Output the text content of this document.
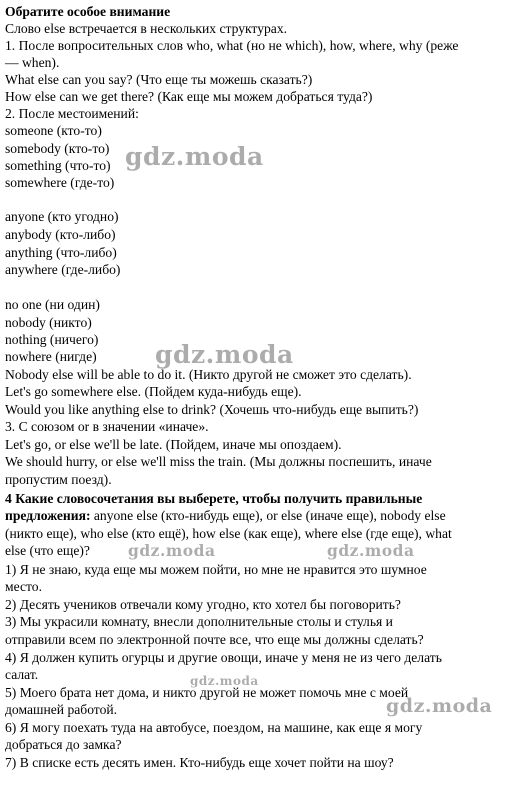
Обратите особое внимание

Слово else встречается в нескольких структурах.

1. После вопросительных слов who, what (но не which), how, where, why (реже

— when).

What else can you say? (Что еще ты можешь сказать?)

How else can we get there? (Как еще мы можем добраться туда?)

2. После местоимений:

someone (кто-то)

somebody (кто-то)

something (что-то)

somewhere (где-то)

anyone (кто угодно)

anybody (кто-либо)

anything (что-либо)

anywhere (где-либо)

no one (ни один)

nobody (никто)

nothing (ничего)

nowhere (нигде)

Nobody else will be able to do it. (Никто другой не сможет это сделать).

Let's go somewhere else. (Пойдем куда-нибудь еще).

Would you like anything else to drink? (Хочешь что-нибудь еще выпить?)

3. С союзом or в значении «иначе».

Let's go, or else we'll be late. (Пойдем, иначе мы опоздаем).

We should hurry, or else we'll miss the train. (Мы должны поспешить, иначе

пропустим поезд).

4 Какие словосочетания вы выберете, чтобы получить правильные

предложения: anyone else (кто-нибудь еще), or else (иначе еще), nobody else

(никто еще), who else (кто ещё), how else (как еще), where else (где еще), what

else (что еще)?

1) Я не знаю, куда еще мы можем пойти, но мне не нравится это шумное

место.

2) Десять учеников отвечали кому угодно, кто хотел бы поговорить?

3) Мы украсили комнату, внесли дополнительные столы и стулья и

отправили всем по электронной почте все, что еще мы должны сделать?

4) Я должен купить огурцы и другие овощи, иначе у меня не из чего делать

салат.

5) Моего брата нет дома, и никто другой не может помочь мне с моей

домашней работой.

6) Я могу поехать туда на автобусе, поездом, на машине, как еще я могу

добраться до замка?

7) В списке есть десять имен. Кто-нибудь еще хочет пойти на шоу?

gdz.moda
gdz.moda
gdz.moda	gdz.moda
gdz.moda
gdz.moda
